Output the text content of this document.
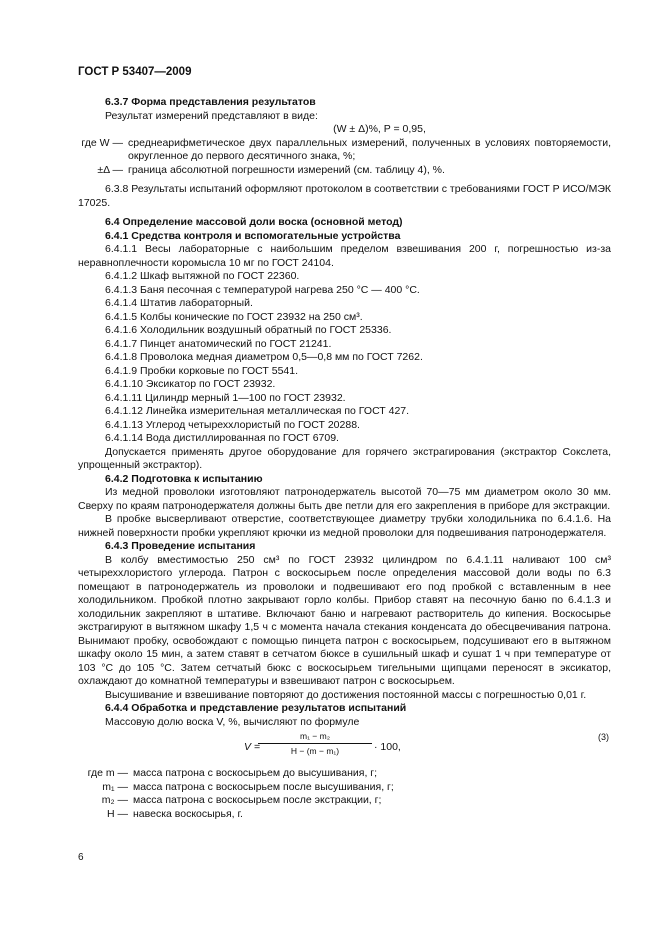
ГОСТ Р 53407—2009

6.3.7 Форма представления результатов

Результат измерений представляют в виде:

(W ± Δ)%, P = 0,95,

где W — среднеарифметическое двух параллельных измерений, полученных в условиях повторяемости, округленное до первого десятичного знака, %;
±Δ — граница абсолютной погрешности измерений (см. таблицу 4), %.

6.3.8 Результаты испытаний оформляют протоколом в соответствии с требованиями ГОСТ Р ИСО/МЭК 17025.

6.4 Определение массовой доли воска (основной метод)

6.4.1 Средства контроля и вспомогательные устройства

6.4.1.1 Весы лабораторные с наибольшим пределом взвешивания 200 г, погрешностью из-за неравноплечности коромысла 10 мг по ГОСТ 24104.

6.4.1.2 Шкаф вытяжной по ГОСТ 22360.

6.4.1.3 Баня песочная с температурой нагрева 250 °С — 400 °С.

6.4.1.4 Штатив лабораторный.

6.4.1.5 Колбы конические по ГОСТ 23932 на 250 см³.

6.4.1.6 Холодильник воздушный обратный по ГОСТ 25336.

6.4.1.7 Пинцет анатомический по ГОСТ 21241.

6.4.1.8 Проволока медная диаметром 0,5—0,8 мм по ГОСТ 7262.

6.4.1.9 Пробки корковые по ГОСТ 5541.

6.4.1.10 Эксикатор по ГОСТ 23932.

6.4.1.11 Цилиндр мерный 1—100 по ГОСТ 23932.

6.4.1.12 Линейка измерительная металлическая по ГОСТ 427.

6.4.1.13 Углерод четыреххлористый по ГОСТ 20288.

6.4.1.14 Вода дистиллированная по ГОСТ 6709.

Допускается применять другое оборудование для горячего экстрагирования (экстрактор Сокслета, упрощенный экстрактор).

6.4.2 Подготовка к испытанию

Из медной проволоки изготовляют патронодержатель высотой 70—75 мм диаметром около 30 мм. Сверху по краям патронодержателя должны быть две петли для его закрепления в приборе для экстракции.

В пробке высверливают отверстие, соответствующее диаметру трубки холодильника по 6.4.1.6. На нижней поверхности пробки укрепляют крючки из медной проволоки для подвешивания патронодержателя.

6.4.3 Проведение испытания

В колбу вместимостью 250 см³ по ГОСТ 23932 цилиндром по 6.4.1.11 наливают 100 см³ четыреххлористого углерода. Патрон с воскосырьем после определения массовой доли воды по 6.3 помещают в патронодержатель из проволоки и подвешивают его под пробкой с вставленным в нее холодильником. Пробкой плотно закрывают горло колбы. Прибор ставят на песочную баню по 6.4.1.3 и холодильник закрепляют в штативе. Включают баню и нагревают растворитель до кипения. Воскосырье экстрагируют в вытяжном шкафу 1,5 ч с момента начала стекания конденсата до обесцвечивания патрона. Вынимают пробку, освобождают с помощью пинцета патрон с воскосырьем, подсушивают его в вытяжном шкафу около 15 мин, а затем ставят в сетчатом бюксе в сушильный шкаф и сушат 1 ч при температуре от 103 °С до 105 °С. Затем сетчатый бюкс с воскосырьем тигельными щипцами переносят в эксикатор, охлаждают до комнатной температуры и взвешивают патрон с воскосырьем.

Высушивание и взвешивание повторяют до достижения постоянной массы с погрешностью 0,01 г.

6.4.4 Обработка и представление результатов испытаний

Массовую долю воска V, %, вычисляют по формуле

V =
$\frac{\text{m₁ − m₂}}{\text{H − (m − m₁)}} \cdot 100$,
(3)
где m — масса патрона с воскосырьем до высушивания, г;
m₁ — масса патрона с воскосырьем после высушивания, г;
m₂ — масса патрона с воскосырьем после экстракции, г;
H — навеска воскосырья, г.
6
